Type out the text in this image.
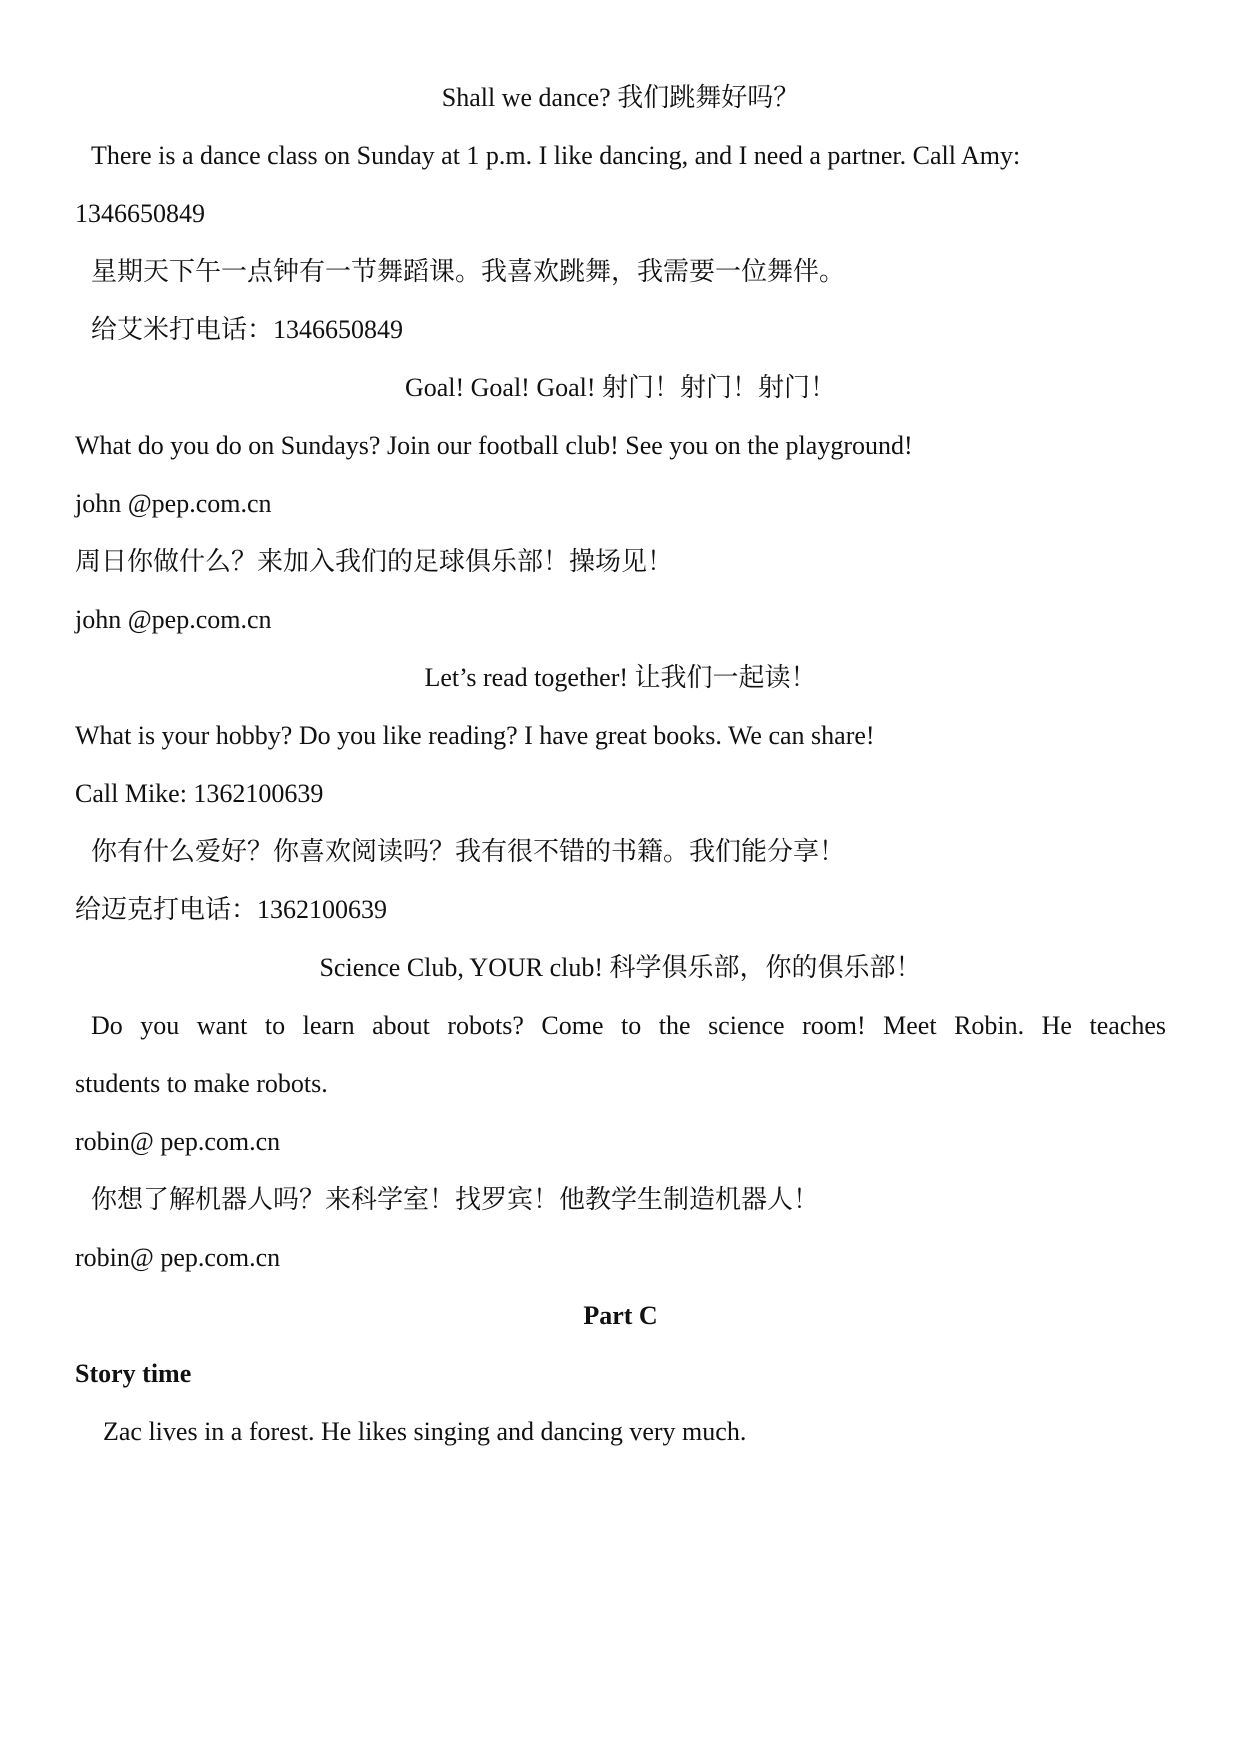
Shall we dance? 我们跳舞好吗？
There is a dance class on Sunday at 1 p.m. I like dancing, and I need a partner. Call Amy:
1346650849
星期天下午一点钟有一节舞蹈课。我喜欢跳舞，我需要一位舞伴。
给艾米打电话：1346650849
Goal! Goal! Goal! 射门！射门！射门！
What do you do on Sundays? Join our football club! See you on the playground!
john @pep.com.cn
周日你做什么？来加入我们的足球俱乐部！操场见！
john @pep.com.cn
Let’s read together! 让我们一起读！
What is your hobby? Do you like reading? I have great books. We can share!
Call Mike: 1362100639
你有什么爱好？你喜欢阅读吗？我有很不错的书籍。我们能分享！
给迈克打电话：1362100639
Science Club, YOUR club! 科学俱乐部，你的俱乐部！
Do you want to learn about robots? Come to the science room! Meet Robin. He teaches
students to make robots.
robin@ pep.com.cn
你想了解机器人吗？来科学室！找罗宾！他教学生制造机器人！
robin@ pep.com.cn
Part C
Story time
Zac lives in a forest. He likes singing and dancing very much.
